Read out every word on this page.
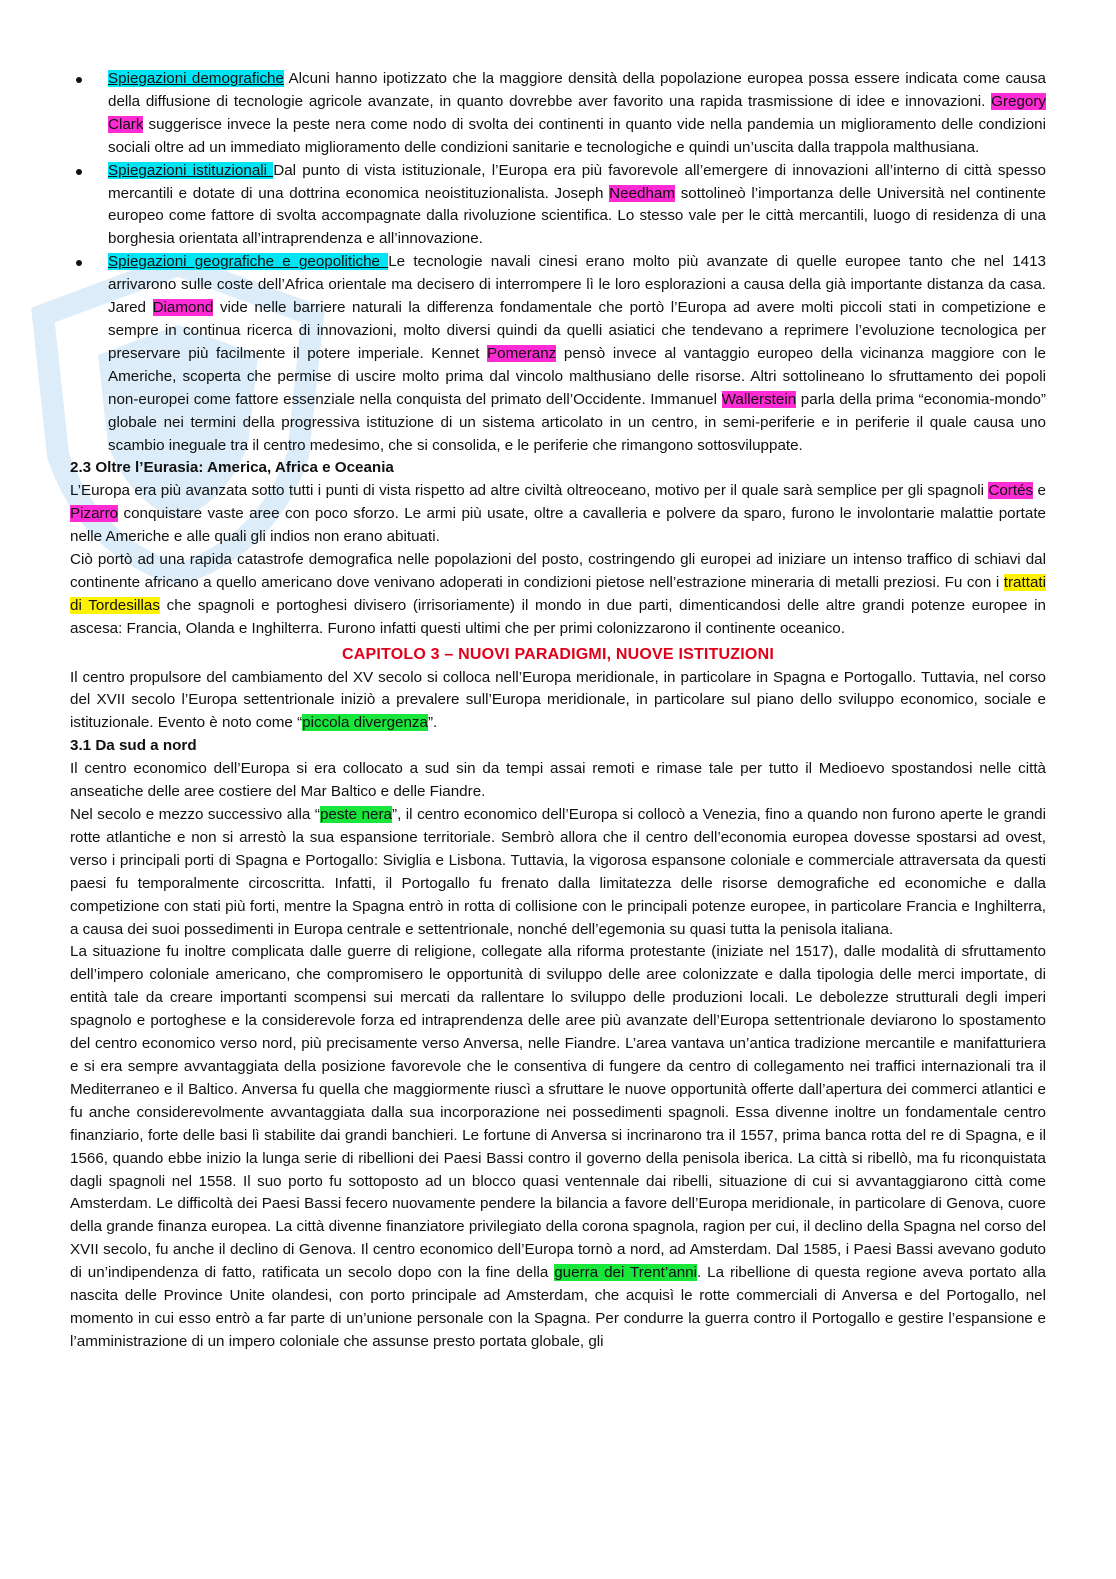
Spiegazioni demografiche Alcuni hanno ipotizzato che la maggiore densità della popolazione europea possa essere indicata come causa della diffusione di tecnologie agricole avanzate, in quanto dovrebbe aver favorito una rapida trasmissione di idee e innovazioni. Gregory Clark suggerisce invece la peste nera come nodo di svolta dei continenti in quanto vide nella pandemia un miglioramento delle condizioni sociali oltre ad un immediato miglioramento delle condizioni sanitarie e tecnologiche e quindi un’uscita dalla trappola malthusiana.
Spiegazioni istituzionali Dal punto di vista istituzionale, l’Europa era più favorevole all’emergere di innovazioni all’interno di città spesso mercantili e dotate di una dottrina economica neoistituzionalista. Joseph Needham sottolineò l’importanza delle Università nel continente europeo come fattore di svolta accompagnate dalla rivoluzione scientifica. Lo stesso vale per le città mercantili, luogo di residenza di una borghesia orientata all’intraprendenza e all’innovazione.
Spiegazioni geografiche e geopolitiche Le tecnologie navali cinesi erano molto più avanzate di quelle europee tanto che nel 1413 arrivarono sulle coste dell’Africa orientale ma decisero di interrompere lì le loro esplorazioni a causa della già importante distanza da casa. Jared Diamond vide nelle barriere naturali la differenza fondamentale che portò l’Europa ad avere molti piccoli stati in competizione e sempre in continua ricerca di innovazioni, molto diversi quindi da quelli asiatici che tendevano a reprimere l’evoluzione tecnologica per preservare più facilmente il potere imperiale. Kennet Pomeranz pensò invece al vantaggio europeo della vicinanza maggiore con le Americhe, scoperta che permise di uscire molto prima dal vincolo malthusiano delle risorse. Altri sottolineano lo sfruttamento dei popoli non-europei come fattore essenziale nella conquista del primato dell’Occidente. Immanuel Wallerstein parla della prima “economia-mondo” globale nei termini della progressiva istituzione di un sistema articolato in un centro, in semi-periferie e in periferie il quale causa uno scambio ineguale tra il centro medesimo, che si consolida, e le periferie che rimangono sottosviluppate.
2.3 Oltre l’Eurasia: America, Africa e Oceania

L’Europa era più avanzata sotto tutti i punti di vista rispetto ad altre civiltà oltreoceano, motivo per il quale sarà semplice per gli spagnoli Cortés e Pizarro conquistare vaste aree con poco sforzo. Le armi più usate, oltre a cavalleria e polvere da sparo, furono le involontarie malattie portate nelle Americhe e alle quali gli indios non erano abituati.

Ciò portò ad una rapida catastrofe demografica nelle popolazioni del posto, costringendo gli europei ad iniziare un intenso traffico di schiavi dal continente africano a quello americano dove venivano adoperati in condizioni pietose nell’estrazione mineraria di metalli preziosi. Fu con i trattati di Tordesillas che spagnoli e portoghesi divisero (irrisoriamente) il mondo in due parti, dimenticandosi delle altre grandi potenze europee in ascesa: Francia, Olanda e Inghilterra. Furono infatti questi ultimi che per primi colonizzarono il continente oceanico.

CAPITOLO 3 – NUOVI PARADIGMI, NUOVE ISTITUZIONI

Il centro propulsore del cambiamento del XV secolo si colloca nell’Europa meridionale, in particolare in Spagna e Portogallo. Tuttavia, nel corso del XVII secolo l’Europa settentrionale iniziò a prevalere sull’Europa meridionale, in particolare sul piano dello sviluppo economico, sociale e istituzionale. Evento è noto come “piccola divergenza”.

3.1 Da sud a nord

Il centro economico dell’Europa si era collocato a sud sin da tempi assai remoti e rimase tale per tutto il Medioevo spostandosi nelle città anseatiche delle aree costiere del Mar Baltico e delle Fiandre.

Nel secolo e mezzo successivo alla “peste nera”, il centro economico dell’Europa si collocò a Venezia, fino a quando non furono aperte le grandi rotte atlantiche e non si arrestò la sua espansione territoriale. Sembrò allora che il centro dell’economia europea dovesse spostarsi ad ovest, verso i principali porti di Spagna e Portogallo: Siviglia e Lisbona. Tuttavia, la vigorosa espansone coloniale e commerciale attraversata da questi paesi fu temporalmente circoscritta. Infatti, il Portogallo fu frenato dalla limitatezza delle risorse demografiche ed economiche e dalla competizione con stati più forti, mentre la Spagna entrò in rotta di collisione con le principali potenze europee, in particolare Francia e Inghilterra, a causa dei suoi possedimenti in Europa centrale e settentrionale, nonché dell’egemonia su quasi tutta la penisola italiana.

La situazione fu inoltre complicata dalle guerre di religione, collegate alla riforma protestante (iniziate nel 1517), dalle modalità di sfruttamento dell’impero coloniale americano, che compromisero le opportunità di sviluppo delle aree colonizzate e dalla tipologia delle merci importate, di entità tale da creare importanti scompensi sui mercati da rallentare lo sviluppo delle produzioni locali. Le debolezze strutturali degli imperi spagnolo e portoghese e la considerevole forza ed intraprendenza delle aree più avanzate dell’Europa settentrionale deviarono lo spostamento del centro economico verso nord, più precisamente verso Anversa, nelle Fiandre. L’area vantava un’antica tradizione mercantile e manifatturiera e si era sempre avvantaggiata della posizione favorevole che le consentiva di fungere da centro di collegamento nei traffici internazionali tra il Mediterraneo e il Baltico. Anversa fu quella che maggiormente riuscì a sfruttare le nuove opportunità offerte dall’apertura dei commerci atlantici e fu anche considerevolmente avvantaggiata dalla sua incorporazione nei possedimenti spagnoli. Essa divenne inoltre un fondamentale centro finanziario, forte delle basi lì stabilite dai grandi banchieri. Le fortune di Anversa si incrinarono tra il 1557, prima banca rotta del re di Spagna, e il 1566, quando ebbe inizio la lunga serie di ribellioni dei Paesi Bassi contro il governo della penisola iberica. La città si ribellò, ma fu riconquistata dagli spagnoli nel 1558. Il suo porto fu sottoposto ad un blocco quasi ventennale dai ribelli, situazione di cui si avvantaggiarono città come Amsterdam. Le difficoltà dei Paesi Bassi fecero nuovamente pendere la bilancia a favore dell’Europa meridionale, in particolare di Genova, cuore della grande finanza europea. La città divenne finanziatore privilegiato della corona spagnola, ragion per cui, il declino della Spagna nel corso del XVII secolo, fu anche il declino di Genova. Il centro economico dell’Europa tornò a nord, ad Amsterdam. Dal 1585, i Paesi Bassi avevano goduto di un’indipendenza di fatto, ratificata un secolo dopo con la fine della guerra dei Trent’anni. La ribellione di questa regione aveva portato alla nascita delle Province Unite olandesi, con porto principale ad Amsterdam, che acquisì le rotte commerciali di Anversa e del Portogallo, nel momento in cui esso entrò a far parte di un’unione personale con la Spagna. Per condurre la guerra contro il Portogallo e gestire l’espansione e l’amministrazione di un impero coloniale che assunse presto portata globale, gli
